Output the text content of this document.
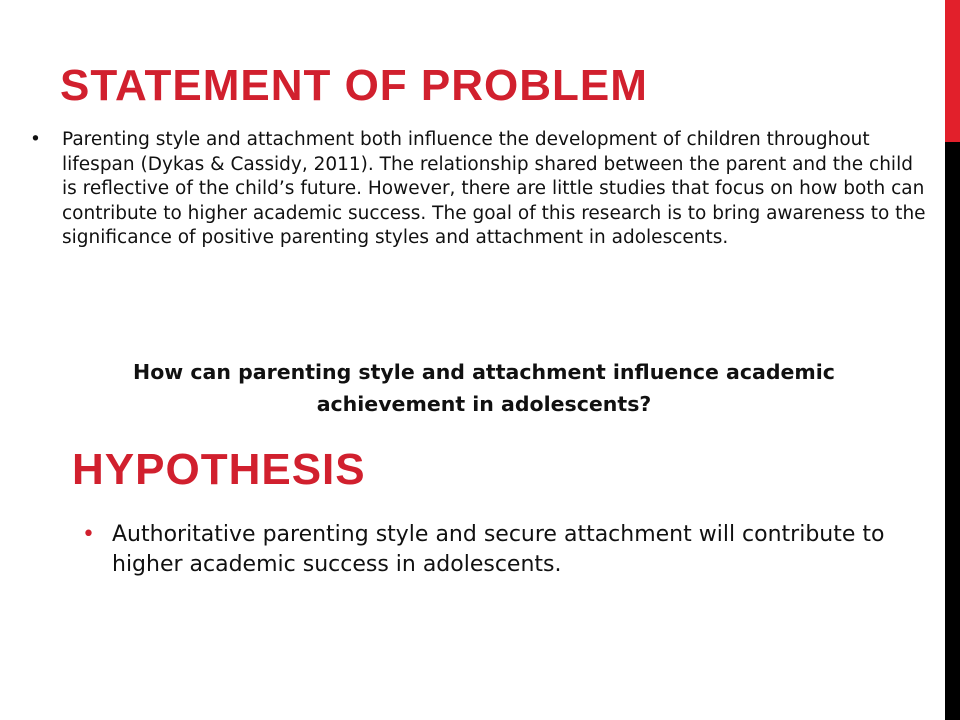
STATEMENT OF PROBLEM
• Parenting style and attachment both influence the development of children throughout lifespan (Dykas & Cassidy, 2011). The relationship shared between the parent and the child is reflective of the child’s future. However, there are little studies that focus on how both can contribute to higher academic success. The goal of this research is to bring awareness to the significance of positive parenting styles and attachment in adolescents.

How can parenting style and attachment influence academic achievement in adolescents?

HYPOTHESIS
• Authoritative parenting style and secure attachment will contribute to higher academic success in adolescents.
